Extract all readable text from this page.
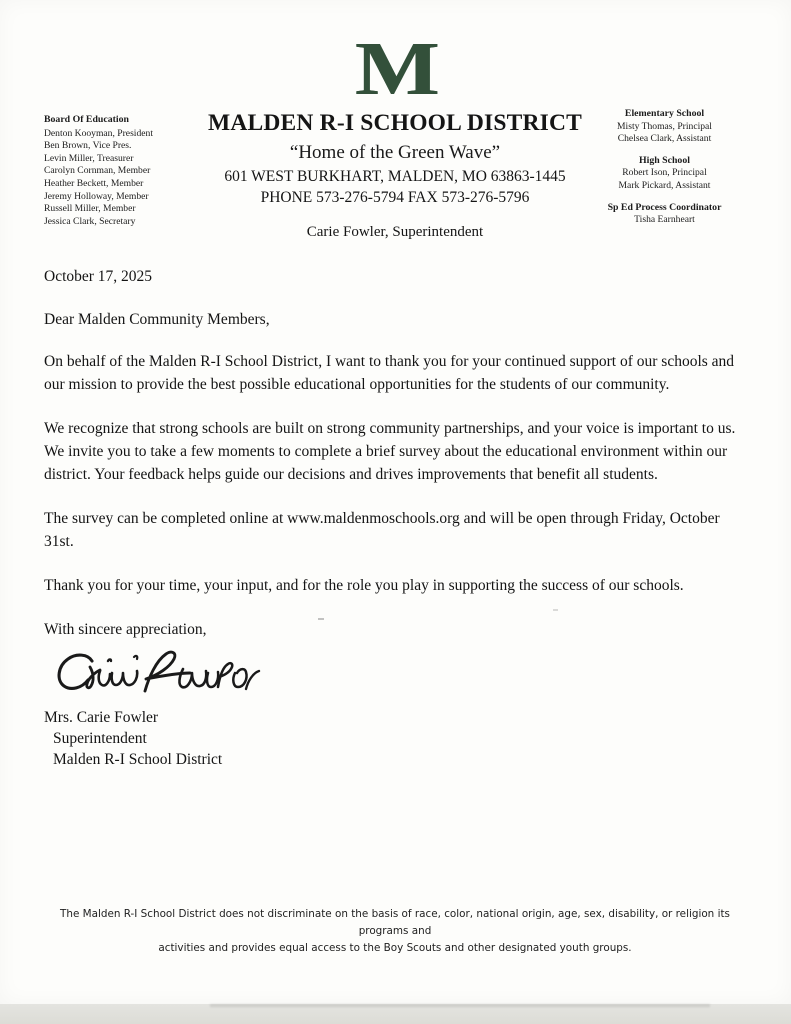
M
Board Of Education
Denton Kooyman, President
Ben Brown, Vice Pres.
Levin Miller, Treasurer
Carolyn Cornman, Member
Heather Beckett, Member
Jeremy Holloway, Member
Russell Miller, Member
Jessica Clark, Secretary
MALDEN R-I SCHOOL DISTRICT
“Home of the Green Wave”
601 WEST BURKHART, MALDEN, MO 63863-1445
PHONE 573-276-5794 FAX 573-276-5796
Carie Fowler, Superintendent
Elementary School
Misty Thomas, Principal
Chelsea Clark, Assistant
High School
Robert Ison, Principal
Mark Pickard, Assistant
Sp Ed Process Coordinator
Tisha Earnheart
October 17, 2025
Dear Malden Community Members,

On behalf of the Malden R-I School District, I want to thank you for your continued support of our schools and our mission to provide the best possible educational opportunities for the students of our community.

We recognize that strong schools are built on strong community partnerships, and your voice is important to us. We invite you to take a few moments to complete a brief survey about the educational environment within our district. Your feedback helps guide our decisions and drives improvements that benefit all students.

The survey can be completed online at www.maldenmoschools.org and will be open through Friday, October 31st.

Thank you for your time, your input, and for the role you play in supporting the success of our schools.

With sincere appreciation,
Mrs. Carie Fowler
Superintendent
Malden R-I School District
The Malden R-I School District does not discriminate on the basis of race, color, national origin, age, sex, disability, or religion its programs and
activities and provides equal access to the Boy Scouts and other designated youth groups.
